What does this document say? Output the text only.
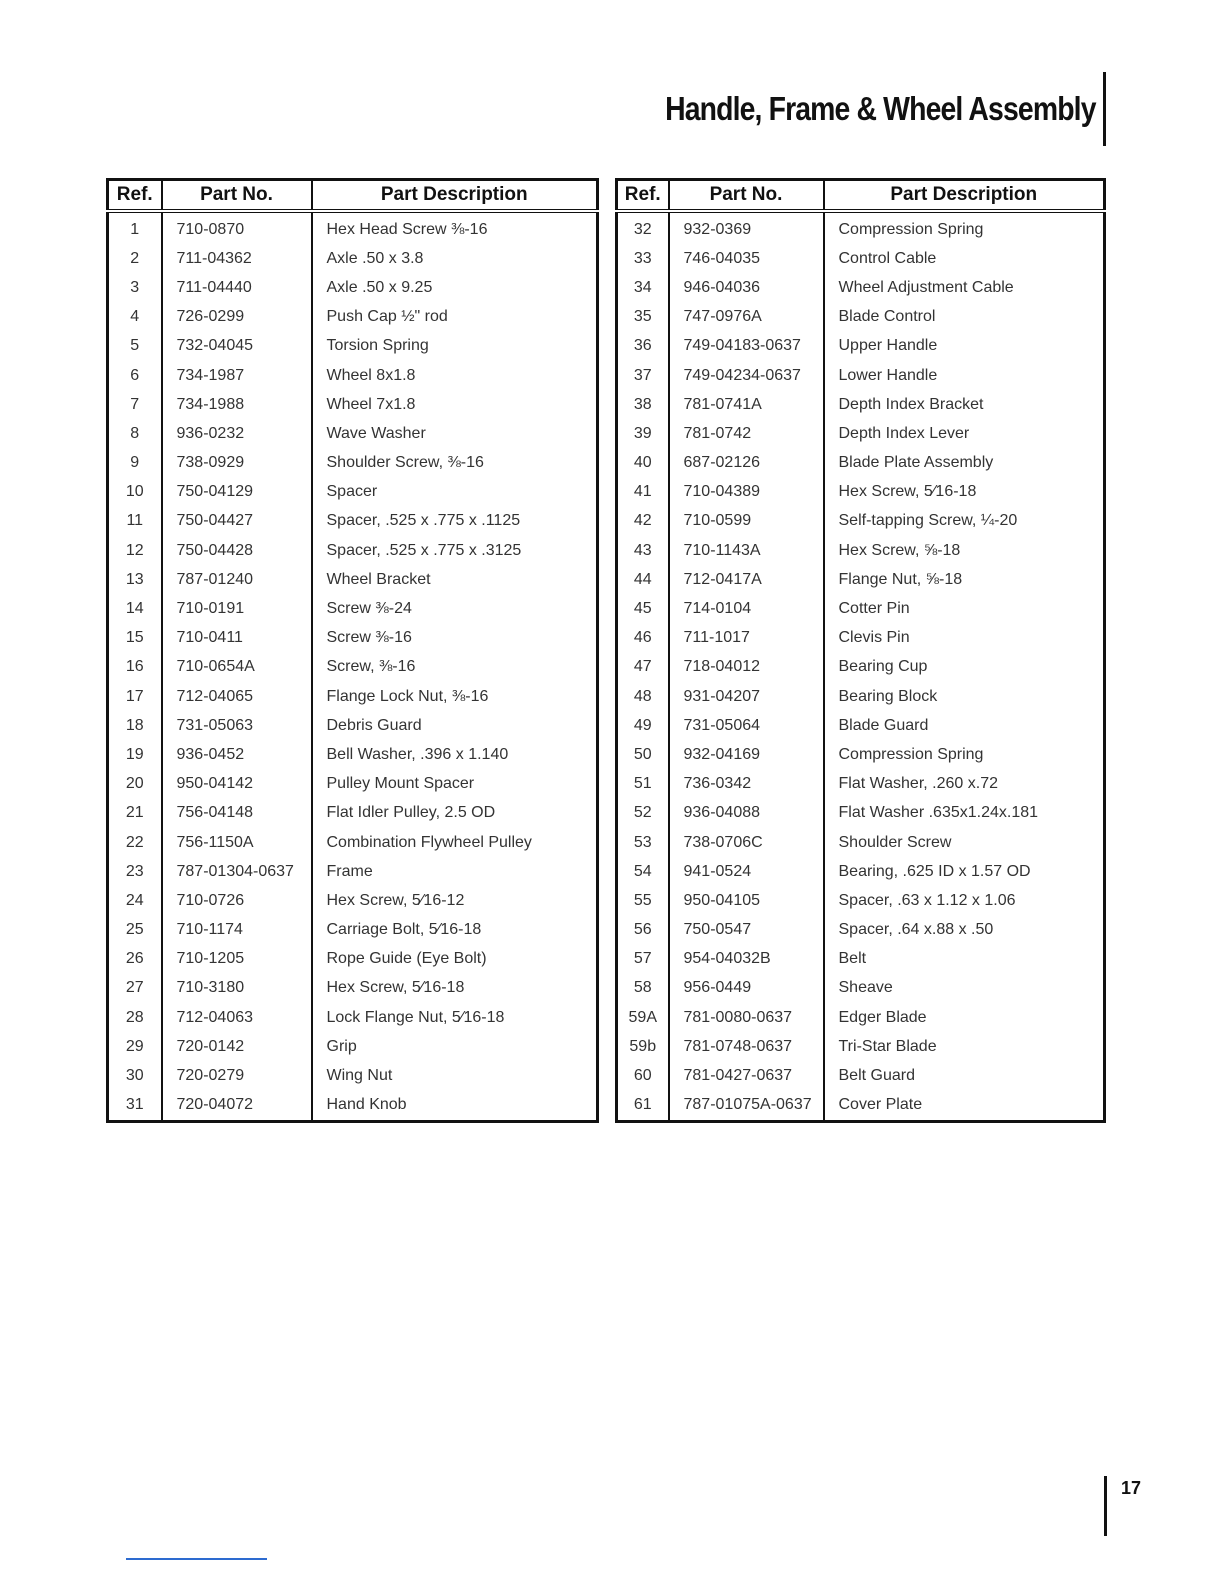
Handle, Frame & Wheel Assembly
Ref.	Part No.	Part Description
1	710-0870	Hex Head Screw ⅜-16
2	711-04362	Axle .50 x 3.8
3	711-04440	Axle .50 x 9.25
4	726-0299	Push Cap ½" rod
5	732-04045	Torsion Spring
6	734-1987	Wheel 8x1.8
7	734-1988	Wheel 7x1.8
8	936-0232	Wave Washer
9	738-0929	Shoulder Screw, ⅜-16
10	750-04129	Spacer
11	750-04427	Spacer, .525 x .775 x .1125
12	750-04428	Spacer, .525 x .775 x .3125
13	787-01240	Wheel Bracket
14	710-0191	Screw ⅜-24
15	710-0411	Screw ⅜-16
16	710-0654A	Screw, ⅜-16
17	712-04065	Flange Lock Nut, ⅜-16
18	731-05063	Debris Guard
19	936-0452	Bell Washer, .396 x 1.140
20	950-04142	Pulley Mount Spacer
21	756-04148	Flat Idler Pulley, 2.5 OD
22	756-1150A	Combination Flywheel Pulley
23	787-01304-0637	Frame
24	710-0726	Hex Screw, 5⁄16-12
25	710-1174	Carriage Bolt, 5⁄16-18
26	710-1205	Rope Guide (Eye Bolt)
27	710-3180	Hex Screw, 5⁄16-18
28	712-04063	Lock Flange Nut, 5⁄16-18
29	720-0142	Grip
30	720-0279	Wing Nut
31	720-04072	Hand Knob
Ref.	Part No.	Part Description
32	932-0369	Compression Spring
33	746-04035	Control Cable
34	946-04036	Wheel Adjustment Cable
35	747-0976A	Blade Control
36	749-04183-0637	Upper Handle
37	749-04234-0637	Lower Handle
38	781-0741A	Depth Index Bracket
39	781-0742	Depth Index Lever
40	687-02126	Blade Plate Assembly
41	710-04389	Hex Screw, 5⁄16-18
42	710-0599	Self-tapping Screw, ¼-20
43	710-1143A	Hex Screw, ⅝-18
44	712-0417A	Flange Nut, ⅝-18
45	714-0104	Cotter Pin
46	711-1017	Clevis Pin
47	718-04012	Bearing Cup
48	931-04207	Bearing Block
49	731-05064	Blade Guard
50	932-04169	Compression Spring
51	736-0342	Flat Washer, .260 x.72
52	936-04088	Flat Washer .635x1.24x.181
53	738-0706C	Shoulder Screw
54	941-0524	Bearing, .625 ID x 1.57 OD
55	950-04105	Spacer, .63 x 1.12 x 1.06
56	750-0547	Spacer, .64 x.88 x .50
57	954-04032B	Belt
58	956-0449	Sheave
59A	781-0080-0637	Edger Blade
59b	781-0748-0637	Tri-Star Blade
60	781-0427-0637	Belt Guard
61	787-01075A-0637	Cover Plate
17
